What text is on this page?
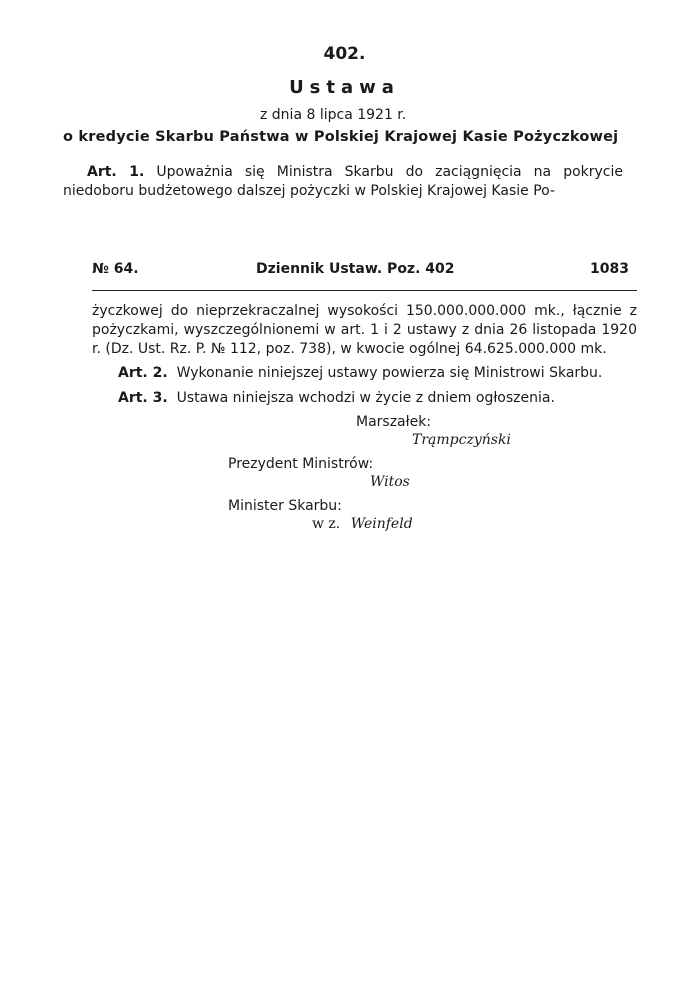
402.
Ustawa
z dnia 8 lipca 1921 r.
o kredycie Skarbu Państwa w Polskiej Krajowej Kasie Pożyczkowej
Art. 1. Upoważnia się Ministra Skarbu do zaciągnięcia na pokrycie niedoboru budżetowego dalszej pożyczki w Polskiej Krajowej Kasie Po-
№ 64.	Dziennik Ustaw. Poz. 402	1083
życzkowej do nieprzekraczalnej wysokości 150.000.000.000 mk., łącznie z pożyczkami, wyszczególnionemi w art. 1 i 2 ustawy z dnia 26 listopada 1920 r. (Dz. Ust. Rz. P. № 112, poz. 738), w kwocie ogólnej 64.625.000.000 mk.
Art. 2. Wykonanie niniejszej ustawy powierza się Ministrowi Skarbu.
Art. 3. Ustawa niniejsza wchodzi w życie z dniem ogłoszenia.
Marszałek:
Trąmpczyński
Prezydent Ministrów:
Witos
Minister Skarbu:
w z. Weinfeld
